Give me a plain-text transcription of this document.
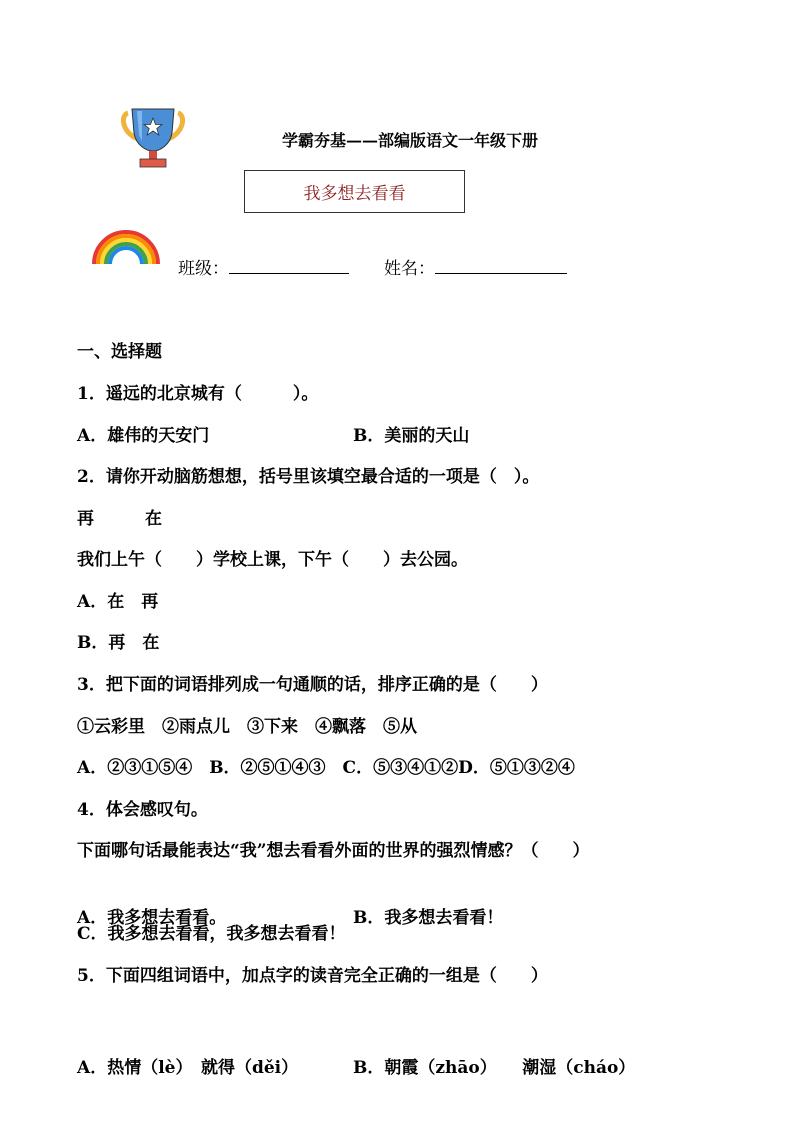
学霸夯基——部编版语文一年级下册
我多想去看看
班级：	姓名：
一、选择题
1．遥远的北京城有（　　　）。
A．雄伟的天安门	B．美丽的天山
2．请你开动脑筋想想，括号里该填空最合适的一项是（　）。
再　　　在
我们上午（　　）学校上课，下午（　　）去公园。
A．在　再
B．再　在
3．把下面的词语排列成一句通顺的话，排序正确的是（　　）
①云彩里　②雨点儿　③下来　④飘落　⑤从
A．②③①⑤④　B．②⑤①④③　C．⑤③④①②D．⑤①③②④
4．体会感叹句。
下面哪句话最能表达“我”想去看看外面的世界的强烈情感？（　　）
A．我多想去看看。	B．我多想去看看！
C．我多想去看看，我多想去看看！
5．下面四组词语中，加点字的读音完全正确的一组是（　　）
A．热情（lè）　就得（děi）	B．朝霞（zhāo）　　潮湿（cháo）
